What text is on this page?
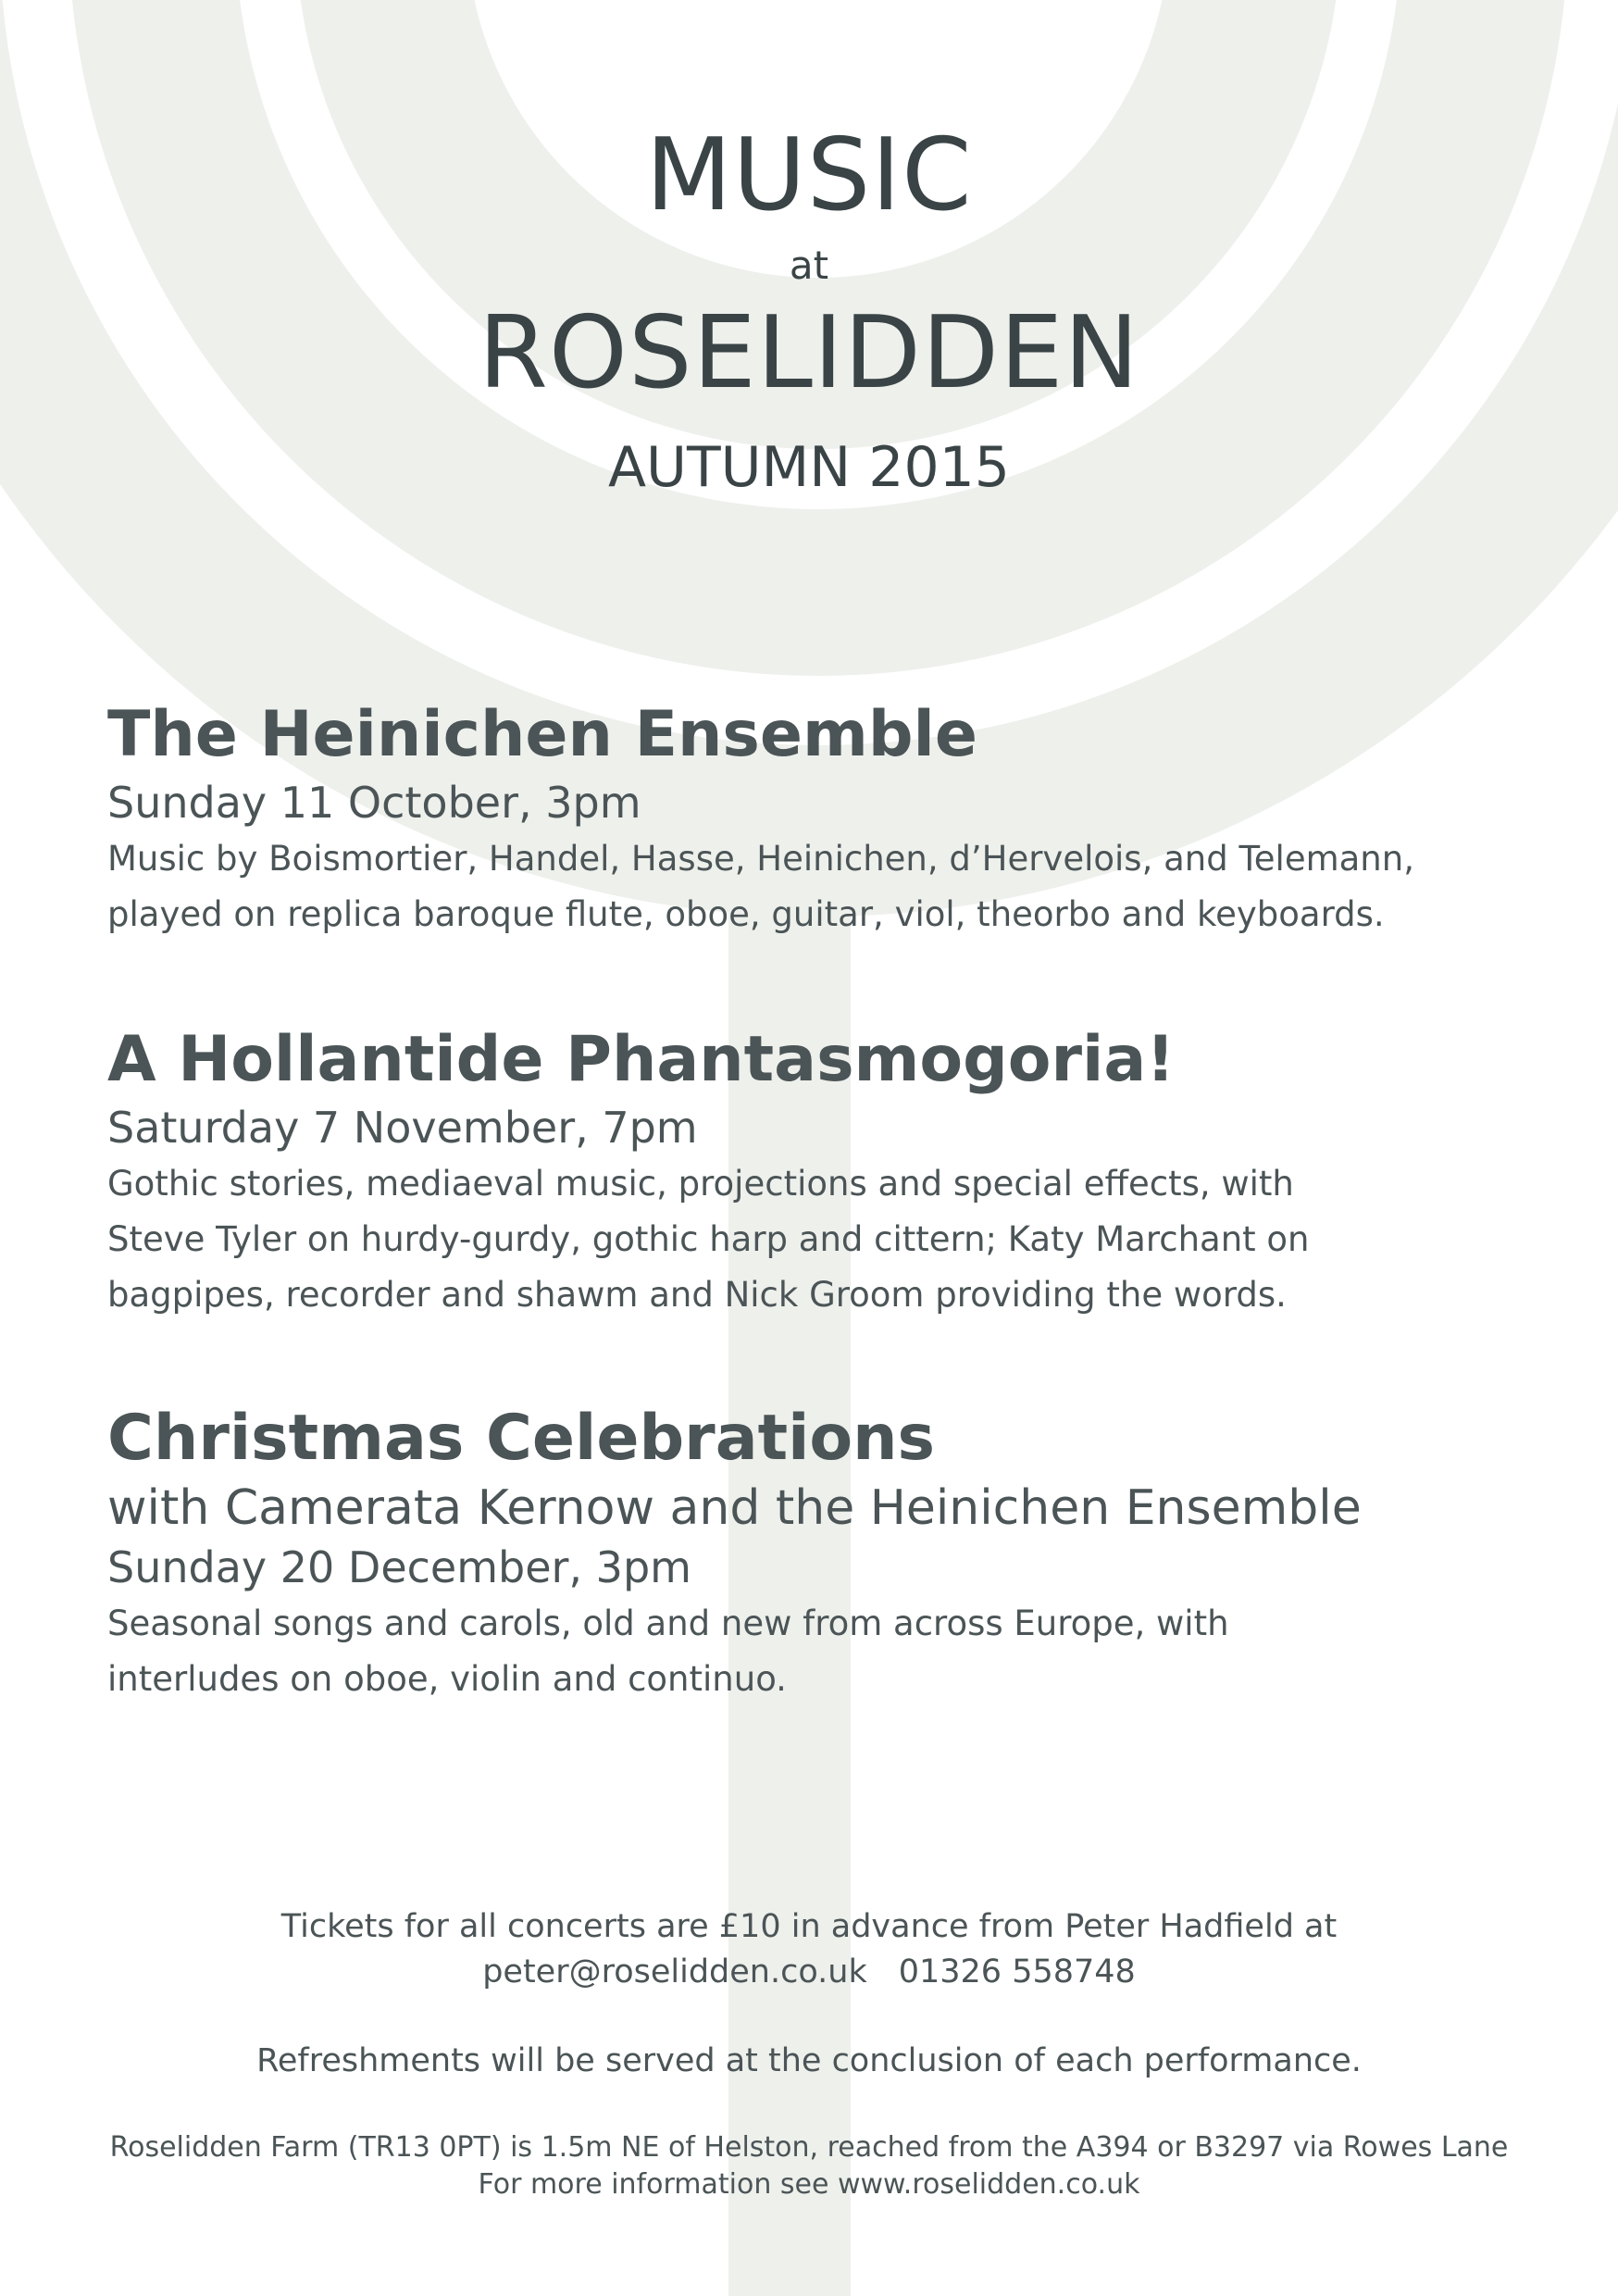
MUSIC
at
ROSELIDDEN
AUTUMN 2015
The Heinichen Ensemble
Sunday 11 October, 3pm

Music by Boismortier, Handel, Hasse, Heinichen, d’Hervelois, and Telemann,
played on replica baroque flute, oboe, guitar, viol, theorbo and keyboards.

A Hollantide Phantasmogoria!
Saturday 7 November, 7pm

Gothic stories, mediaeval music, projections and special effects, with
Steve Tyler on hurdy-gurdy, gothic harp and cittern; Katy Marchant on
bagpipes, recorder and shawm and Nick Groom providing the words.

Christmas Celebrations
with Camerata Kernow and the Heinichen Ensemble
Sunday 20 December, 3pm

Seasonal songs and carols, old and new from across Europe, with
interludes on oboe, violin and continuo.

Tickets for all concerts are £10 in advance from Peter Hadfield at
peter@roselidden.co.uk 01326 558748
Refreshments will be served at the conclusion of each performance.
Roselidden Farm (TR13 0PT) is 1.5m NE of Helston, reached from the A394 or B3297 via Rowes Lane
For more information see www.roselidden.co.uk
